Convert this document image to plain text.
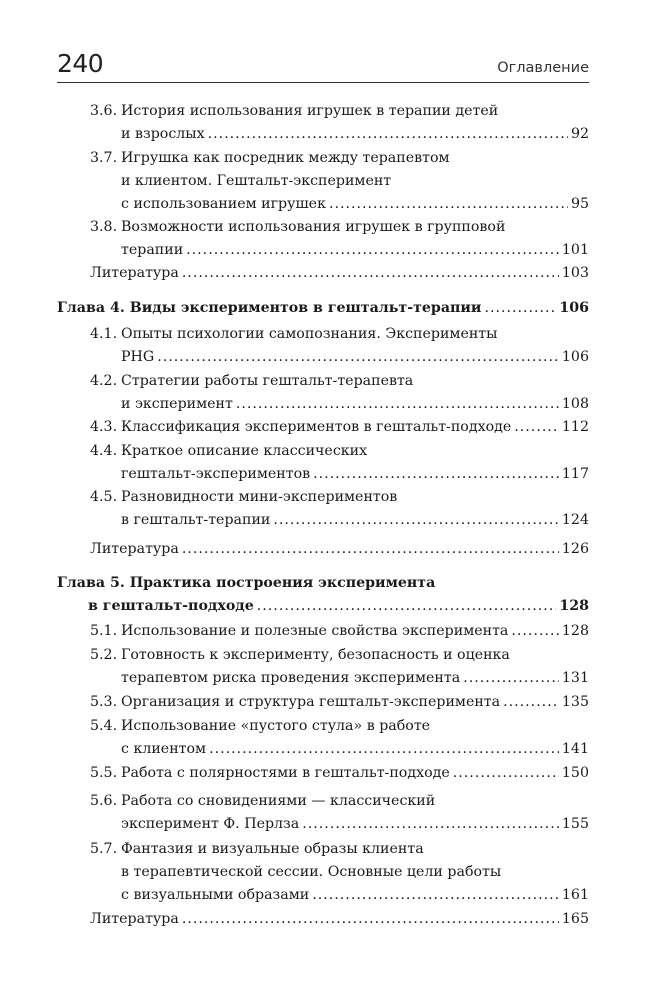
240	Оглавление
3.6. История использования игрушек в терапии детей
и взрослых .....	92
3.7. Игрушка как посредник между терапевтом
и клиентом. Гештальт-эксперимент
с использованием игрушек .....	95
3.8. Возможности использования игрушек в групповой
терапии .....	101
Литература .....	103
Глава 4. Виды экспериментов в гештальт-терапии .....	106
4.1. Опыты психологии самопознания. Эксперименты
PHG .....	106
4.2. Стратегии работы гештальт-терапевта
и эксперимент .....	108
4.3. Классификация экспериментов в гештальт-подходе .....	112
4.4. Краткое описание классических
гештальт-экспериментов .....	117
4.5. Разновидности мини-экспериментов
в гештальт-терапии .....	124
Литература .....	126
Глава 5. Практика построения эксперимента
в гештальт-подходе .....	128
5.1. Использование и полезные свойства эксперимента .....	128
5.2. Готовность к эксперименту, безопасность и оценка
терапевтом риска проведения эксперимента .....	131
5.3. Организация и структура гештальт-эксперимента .....	135
5.4. Использование «пустого стула» в работе
с клиентом .....	141
5.5. Работа с полярностями в гештальт-подходе .....	150
5.6. Работа со сновидениями — классический
эксперимент Ф. Перлза .....	155
5.7. Фантазия и визуальные образы клиента
в терапевтической сессии. Основные цели работы
с визуальными образами .....	161
Литература .....	165
